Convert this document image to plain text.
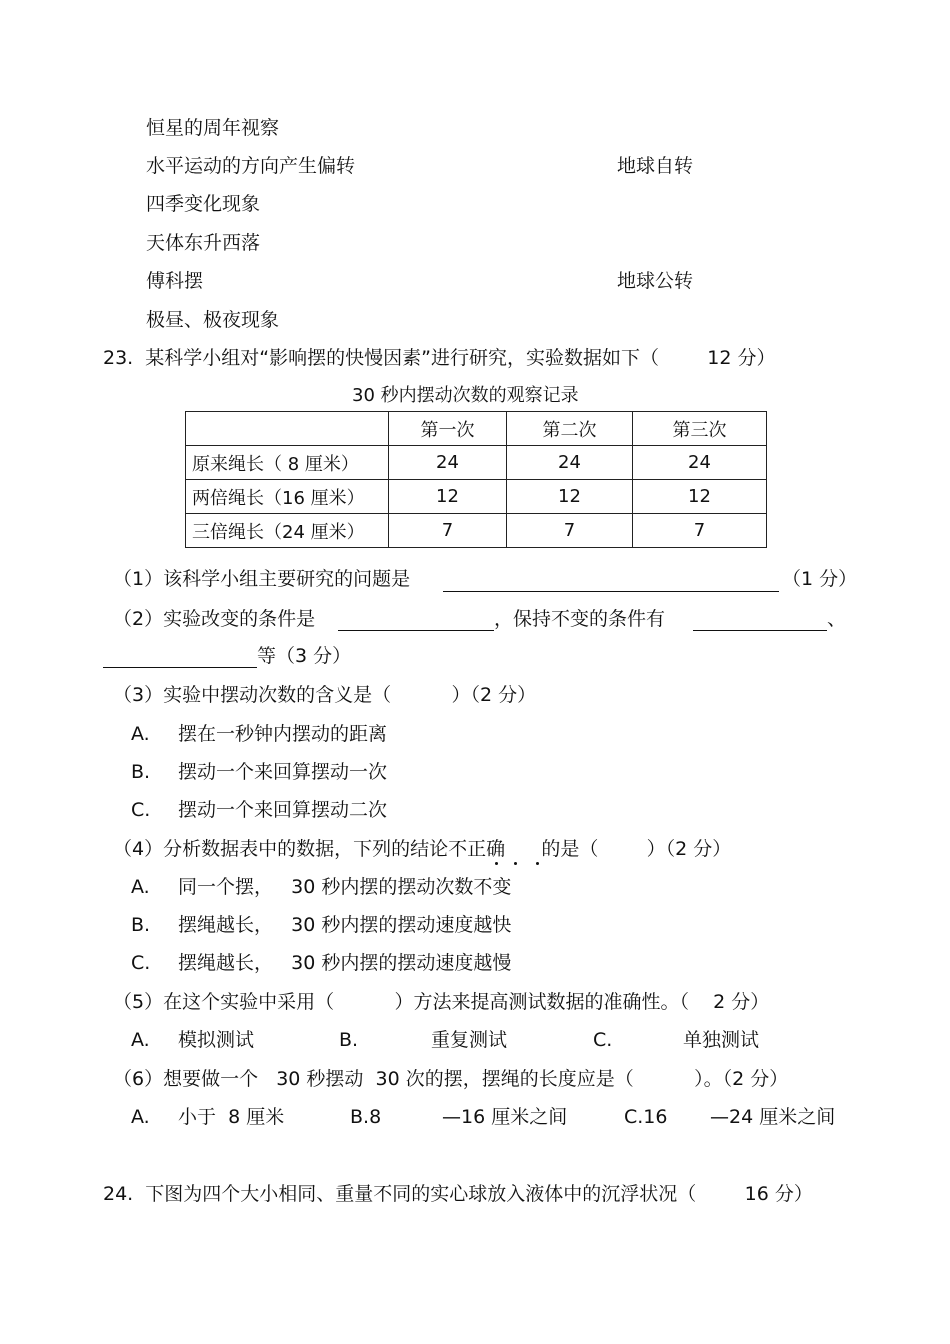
恒星的周年视察
水平运动的方向产生偏转	地球自转
四季变化现象
天体东升西落
傅科摆	地球公转
极昼、极夜现象
23.  某科学小组对“影响摆的快慢因素”进行研究，实验数据如下（        12 分）
30 秒内摆动次数的观察记录
	第一次	第二次	第三次
原来绳长（ 8 厘米）	24	24	24
两倍绳长（16 厘米）	12	12	12
三倍绳长（24 厘米）	7	7	7
（1）该科学小组主要研究的问题是	（1 分）
（2）实验改变的条件是	，保持不变的条件有	、
等（3 分）
（3）实验中摆动次数的含义是（          ）（2 分）
A. 摆在一秒钟内摆动的距离
B. 摆动一个来回算摆动一次
C. 摆动一个来回算摆动二次
（4）分析数据表中的数据，下列的结论不正确      的是（        ）（2 分）
A. 同一个摆，   30 秒内摆的摆动次数不变
B. 摆绳越长，   30 秒内摆的摆动速度越快
C. 摆绳越长，   30 秒内摆的摆动速度越慢
（5）在这个实验中采用（          ）方法来提高测试数据的准确性。（    2 分）
A. 模拟测试	B.	重复测试	C.	单独测试
（6）想要做一个   30 秒摆动  30 次的摆，摆绳的长度应是（          ）。（2 分）
A. 小于  8 厘米	B.8	—16 厘米之间	C.16 —24 厘米之间
24.  下图为四个大小相同、重量不同的实心球放入液体中的沉浮状况（        16 分）
